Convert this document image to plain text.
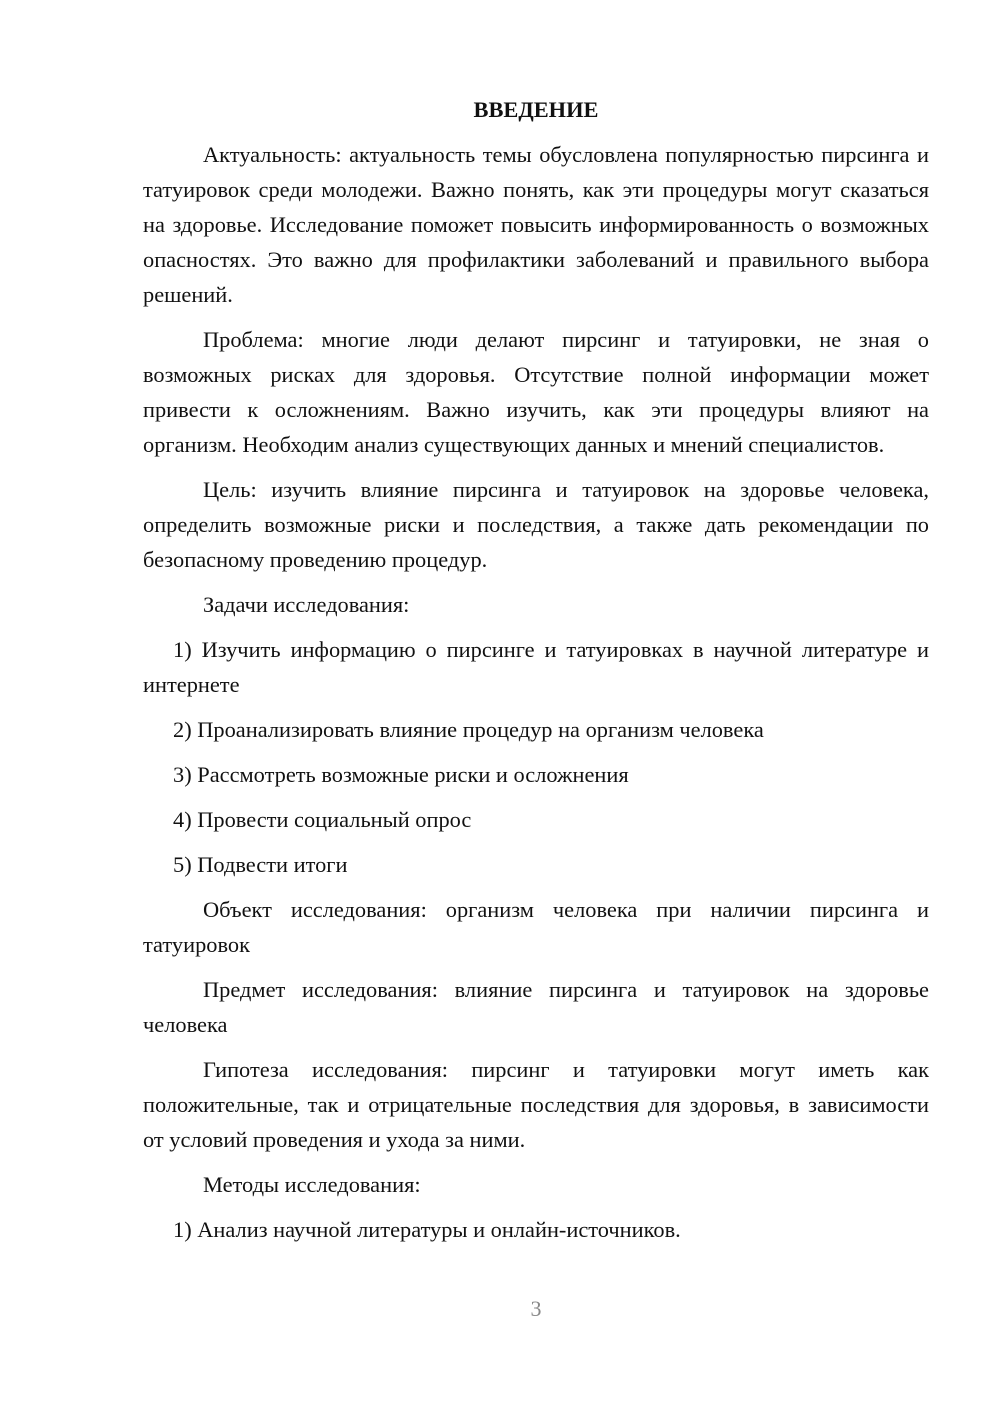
ВВЕДЕНИЕ

Актуальность: актуальность темы обусловлена популярностью пирсинга и татуировок среди молодежи. Важно понять, как эти процедуры могут сказаться на здоровье. Исследование поможет повысить информированность о возможных опасностях. Это важно для профилактики заболеваний и правильного выбора решений.

Проблема: многие люди делают пирсинг и татуировки, не зная о возможных рисках для здоровья. Отсутствие полной информации может привести к осложнениям. Важно изучить, как эти процедуры влияют на организм. Необходим анализ существующих данных и мнений специалистов.

Цель: изучить влияние пирсинга и татуировок на здоровье человека, определить возможные риски и последствия, а также дать рекомендации по безопасному проведению процедур.

Задачи исследования:

1) Изучить информацию о пирсинге и татуировках в научной литературе и интернете

2) Проанализировать влияние процедур на организм человека

3) Рассмотреть возможные риски и осложнения

4) Провести социальный опрос

5) Подвести итоги

Объект исследования: организм человека при наличии пирсинга и татуировок

Предмет исследования: влияние пирсинга и татуировок на здоровье человека

Гипотеза исследования: пирсинг и татуировки могут иметь как положительные, так и отрицательные последствия для здоровья, в зависимости от условий проведения и ухода за ними.

Методы исследования:

1) Анализ научной литературы и онлайн-источников.

3
